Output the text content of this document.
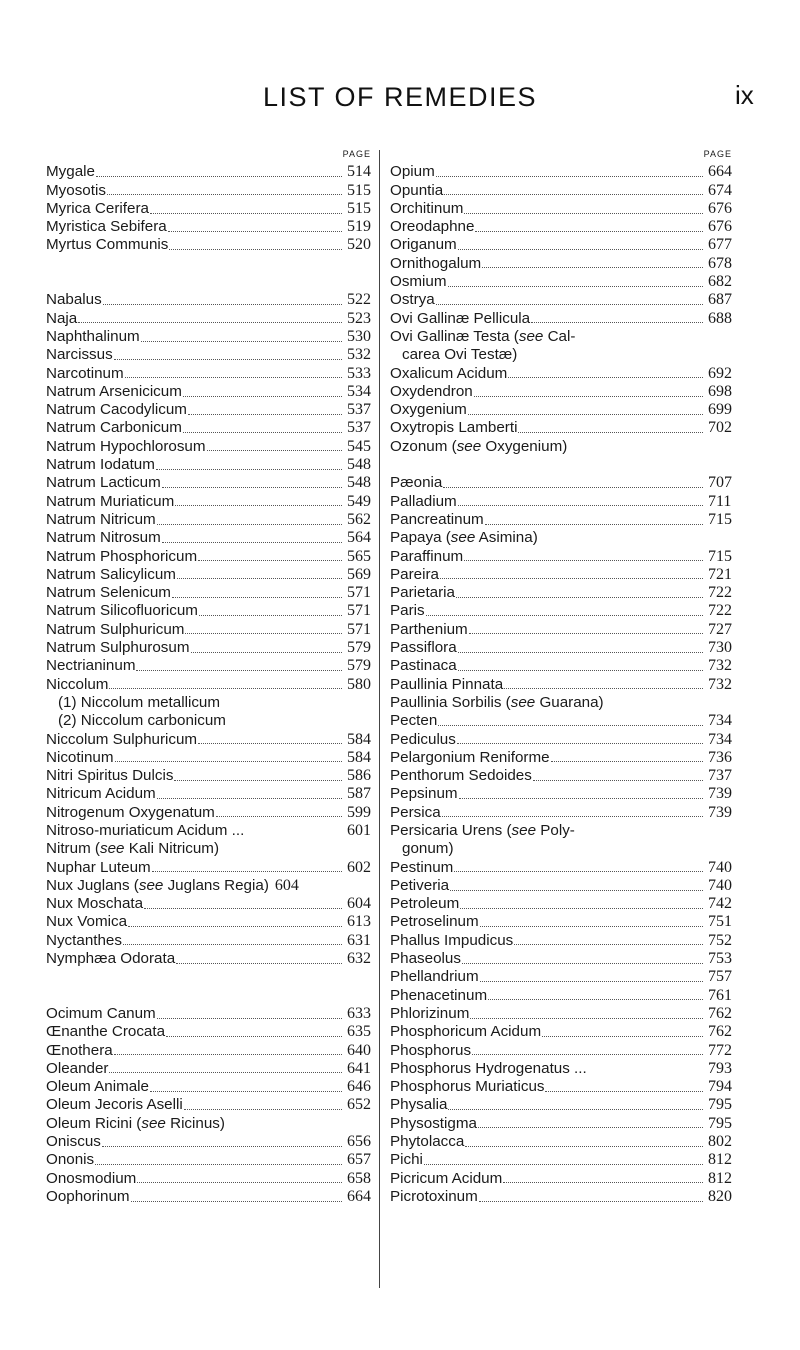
LIST OF REMEDIES	ix
PAGE
Mygale	514
Myosotis	515
Myrica Cerifera	515
Myristica Sebifera	519
Myrtus Communis	520
Nabalus	522
Naja	523
Naphthalinum	530
Narcissus	532
Narcotinum	533
Natrum Arsenicicum	534
Natrum Cacodylicum	537
Natrum Carbonicum	537
Natrum Hypochlorosum	545
Natrum Iodatum	548
Natrum Lacticum	548
Natrum Muriaticum	549
Natrum Nitricum	562
Natrum Nitrosum	564
Natrum Phosphoricum	565
Natrum Salicylicum	569
Natrum Selenicum	571
Natrum Silicofluoricum	571
Natrum Sulphuricum	571
Natrum Sulphurosum	579
Nectrianinum	579
Niccolum	580
(1) Niccolum metallicum
(2) Niccolum carbonicum
Niccolum Sulphuricum	584
Nicotinum	584
Nitri Spiritus Dulcis	586
Nitricum Acidum	587
Nitrogenum Oxygenatum	599
Nitroso-muriaticum Acidum ...	601
Nitrum (see Kali Nitricum)
Nuphar Luteum	602
Nux Juglans (see Juglans Regia) 604
Nux Moschata	604
Nux Vomica	613
Nyctanthes	631
Nymphæa Odorata	632
Ocimum Canum	633
Œnanthe Crocata	635
Œnothera	640
Oleander	641
Oleum Animale	646
Oleum Jecoris Aselli	652
Oleum Ricini (see Ricinus)
Oniscus	656
Ononis	657
Onosmodium	658
Oophorinum	664
PAGE
Opium	664
Opuntia	674
Orchitinum	676
Oreodaphne	676
Origanum	677
Ornithogalum	678
Osmium	682
Ostrya	687
Ovi Gallinæ Pellicula	688
Ovi Gallinæ Testa (see Cal-
carea Ovi Testæ)
Oxalicum Acidum	692
Oxydendron	698
Oxygenium	699
Oxytropis Lamberti	702
Ozonum (see Oxygenium)
Pæonia	707
Palladium	711
Pancreatinum	715
Papaya (see Asimina)
Paraffinum	715
Pareira	721
Parietaria	722
Paris	722
Parthenium	727
Passiflora	730
Pastinaca	732
Paullinia Pinnata	732
Paullinia Sorbilis (see Guarana)
Pecten	734
Pediculus	734
Pelargonium Reniforme	736
Penthorum Sedoides	737
Pepsinum	739
Persica	739
Persicaria Urens (see Poly-
gonum)
Pestinum	740
Petiveria	740
Petroleum	742
Petroselinum	751
Phallus Impudicus	752
Phaseolus	753
Phellandrium	757
Phenacetinum	761
Phlorizinum	762
Phosphoricum Acidum	762
Phosphorus	772
Phosphorus Hydrogenatus ...	793
Phosphorus Muriaticus	794
Physalia	795
Physostigma	795
Phytolacca	802
Pichi	812
Picricum Acidum	812
Picrotoxinum	820
